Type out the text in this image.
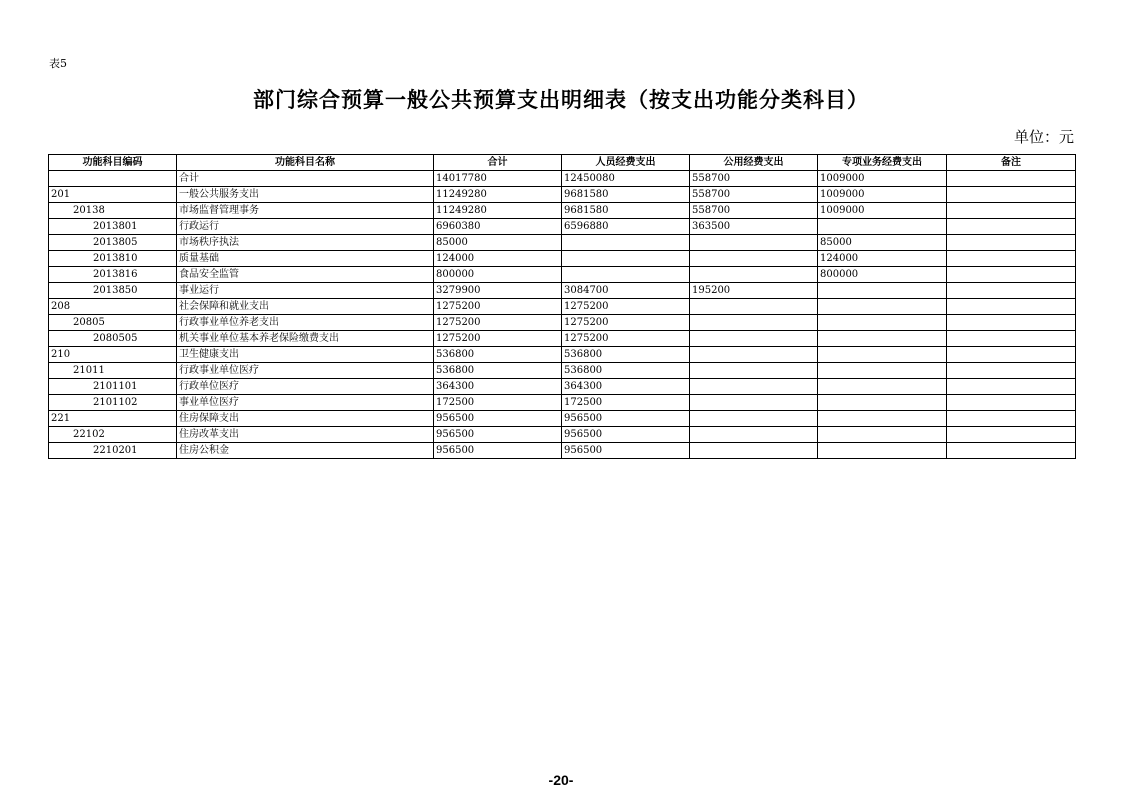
表5
部门综合预算一般公共预算支出明细表（按支出功能分类科目）
单位：元
功能科目编码	功能科目名称	合计	人员经费支出	公用经费支出	专项业务经费支出	备注
	合计	14017780	12450080	558700	1009000	
201	一般公共服务支出	11249280	9681580	558700	1009000	
20138	市场监督管理事务	11249280	9681580	558700	1009000	
2013801	行政运行	6960380	6596880	363500		
2013805	市场秩序执法	85000			85000	
2013810	质量基础	124000			124000	
2013816	食品安全监管	800000			800000	
2013850	事业运行	3279900	3084700	195200		
208	社会保障和就业支出	1275200	1275200			
20805	行政事业单位养老支出	1275200	1275200			
2080505	机关事业单位基本养老保险缴费支出	1275200	1275200			
210	卫生健康支出	536800	536800			
21011	行政事业单位医疗	536800	536800			
2101101	行政单位医疗	364300	364300			
2101102	事业单位医疗	172500	172500			
221	住房保障支出	956500	956500			
22102	住房改革支出	956500	956500			
2210201	住房公积金	956500	956500			
-20-
